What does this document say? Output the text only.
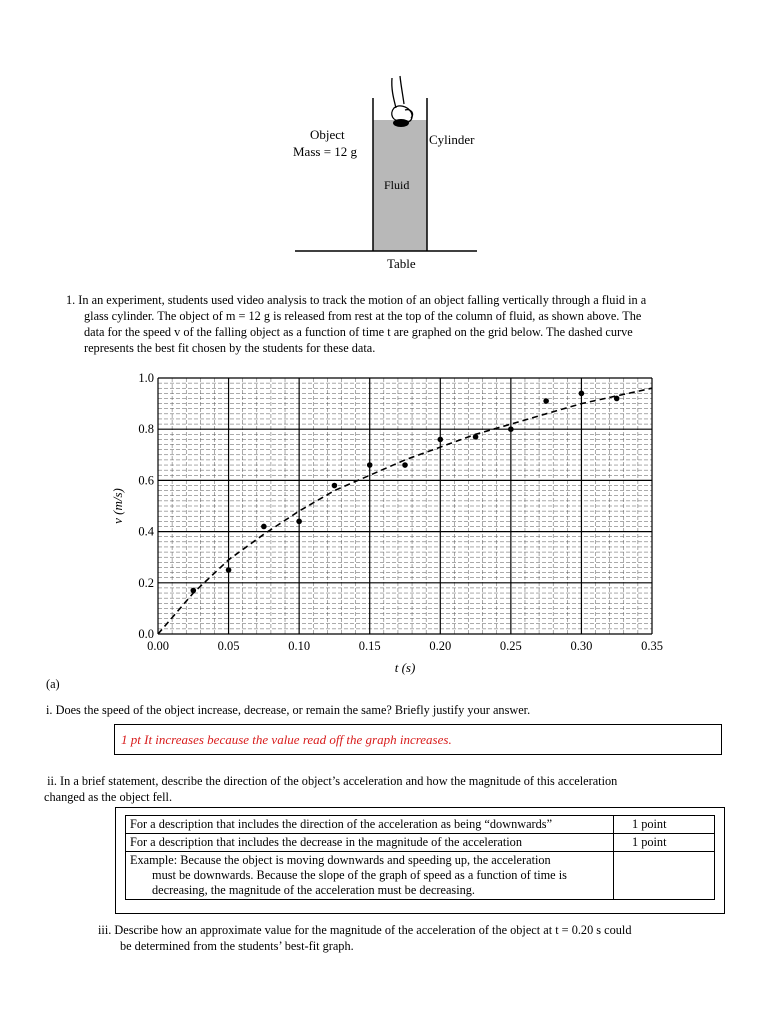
Object
Mass = 12 g
Cylinder
Fluid
Table
1. In an experiment, students used video analysis to track the motion of an object falling vertically through a fluid in a
glass cylinder. The object of m = 12 g is released from rest at the top of the column of fluid, as shown above. The
data for the speed v of the falling object as a function of time t are graphed on the grid below. The dashed curve
represents the best fit chosen by the students for these data.
0.00	0.05	0.10	0.15	0.20	0.25	0.30	0.35
0.0
0.2
0.4
0.6
0.8
1.0
t (s)
v (m/s)
(a)
i. Does the speed of the object increase, decrease, or remain the same? Briefly justify your answer.
1 pt It increases because the value read off the graph increases.
ii. In a brief statement, describe the direction of the object’s acceleration and how the magnitude of this acceleration
changed as the object fell.
For a description that includes the direction of the acceleration as being “downwards”	1 point
For a description that includes the decrease in the magnitude of the acceleration	1 point

Example: Because the object is moving downwards and speeding up, the acceleration
must be downwards. Because the slope of the graph of speed as a function of time is
decreasing, the magnitude of the acceleration must be decreasing.	

iii. Describe how an approximate value for the magnitude of the acceleration of the object at t = 0.20 s could
be determined from the students’ best-fit graph.
